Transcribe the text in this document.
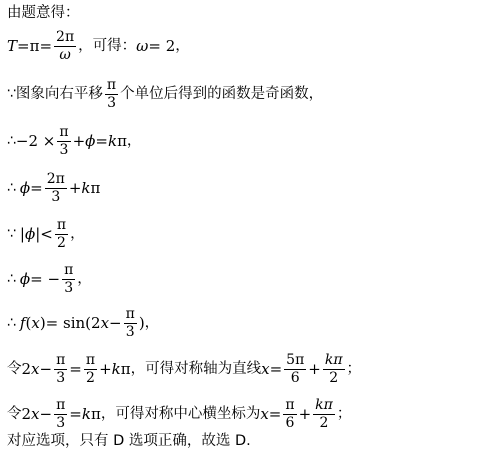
由题意得：
$T = \pi = \frac{2\pi}{\omega}$ ，可得： ω = 2 ，
∵ 图象向右平移 $\frac{\pi}{3}$ 个单位后得到的函数是奇函数，
∴ $-2 \times \frac{\pi}{3} + \phi = k$ π ，
∴ $\phi = \frac{2\pi}{3} + k$ π
∵ | ϕ | < $\frac{\pi}{2}$ ，
∴ ϕ = − $\frac{\pi}{3}$ ，
∴ f ( x ) = sin(2 $x - \frac{\pi}{3}$ ) ，
令 2 $x - \frac{\pi}{3} = \frac{\pi}{2} + k$ π ，可得对称轴为直线 $x = \frac{5\pi}{6} + \frac{k\pi}{2}$ ；
令 2 $x - \frac{\pi}{3} = k$ π ，可得对称中心横坐标为 $x = \frac{\pi}{6} + \frac{k\pi}{2}$ ；
对应选项，只有 D 选项正确，故选 D.
